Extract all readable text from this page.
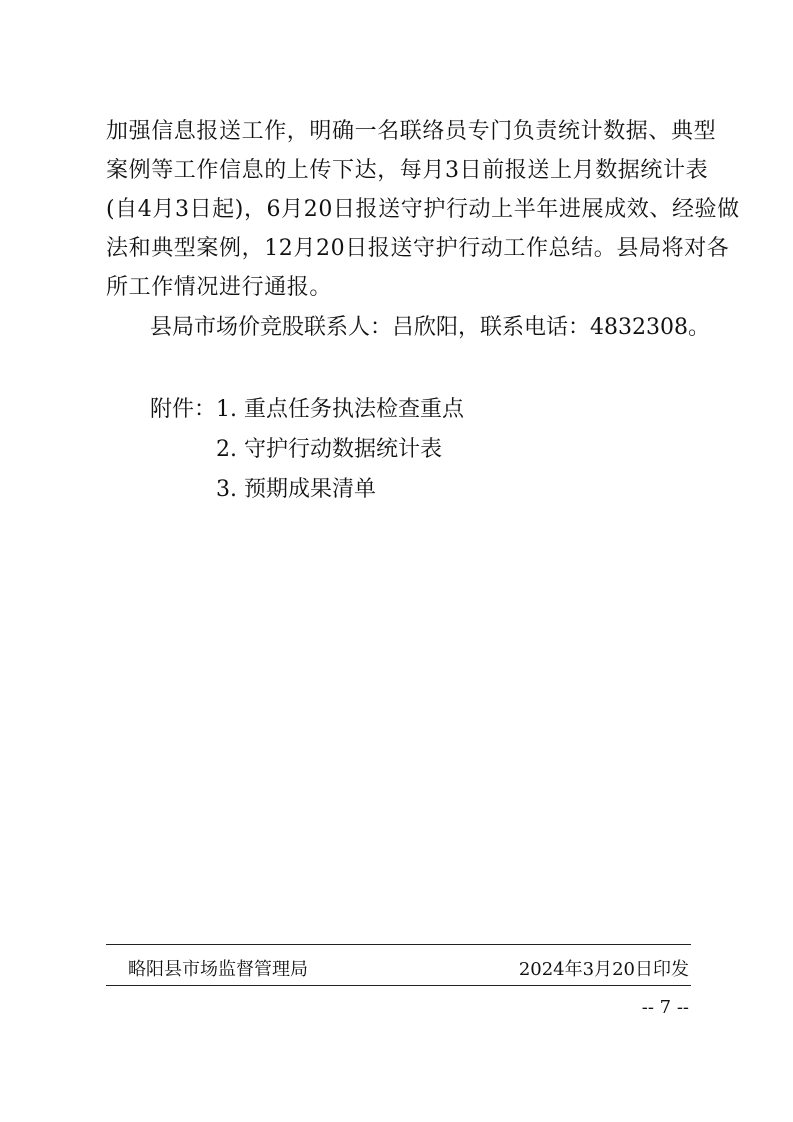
加强信息报送工作，明确一名联络员专门负责统计数据、典型
案例等工作信息的上传下达，每月3日前报送上月数据统计表
(自4月3日起)，6月20日报送守护行动上半年进展成效、经验做
法和典型案例，12月20日报送守护行动工作总结。县局将对各
所工作情况进行通报。
县局市场价竞股联系人：吕欣阳，联系电话：4832308。
附件： 1. 重点任务执法检查重点
2. 守护行动数据统计表
3. 预期成果清单
略阳县市场监督管理局	2024年3月20日印发
-- 7 --
